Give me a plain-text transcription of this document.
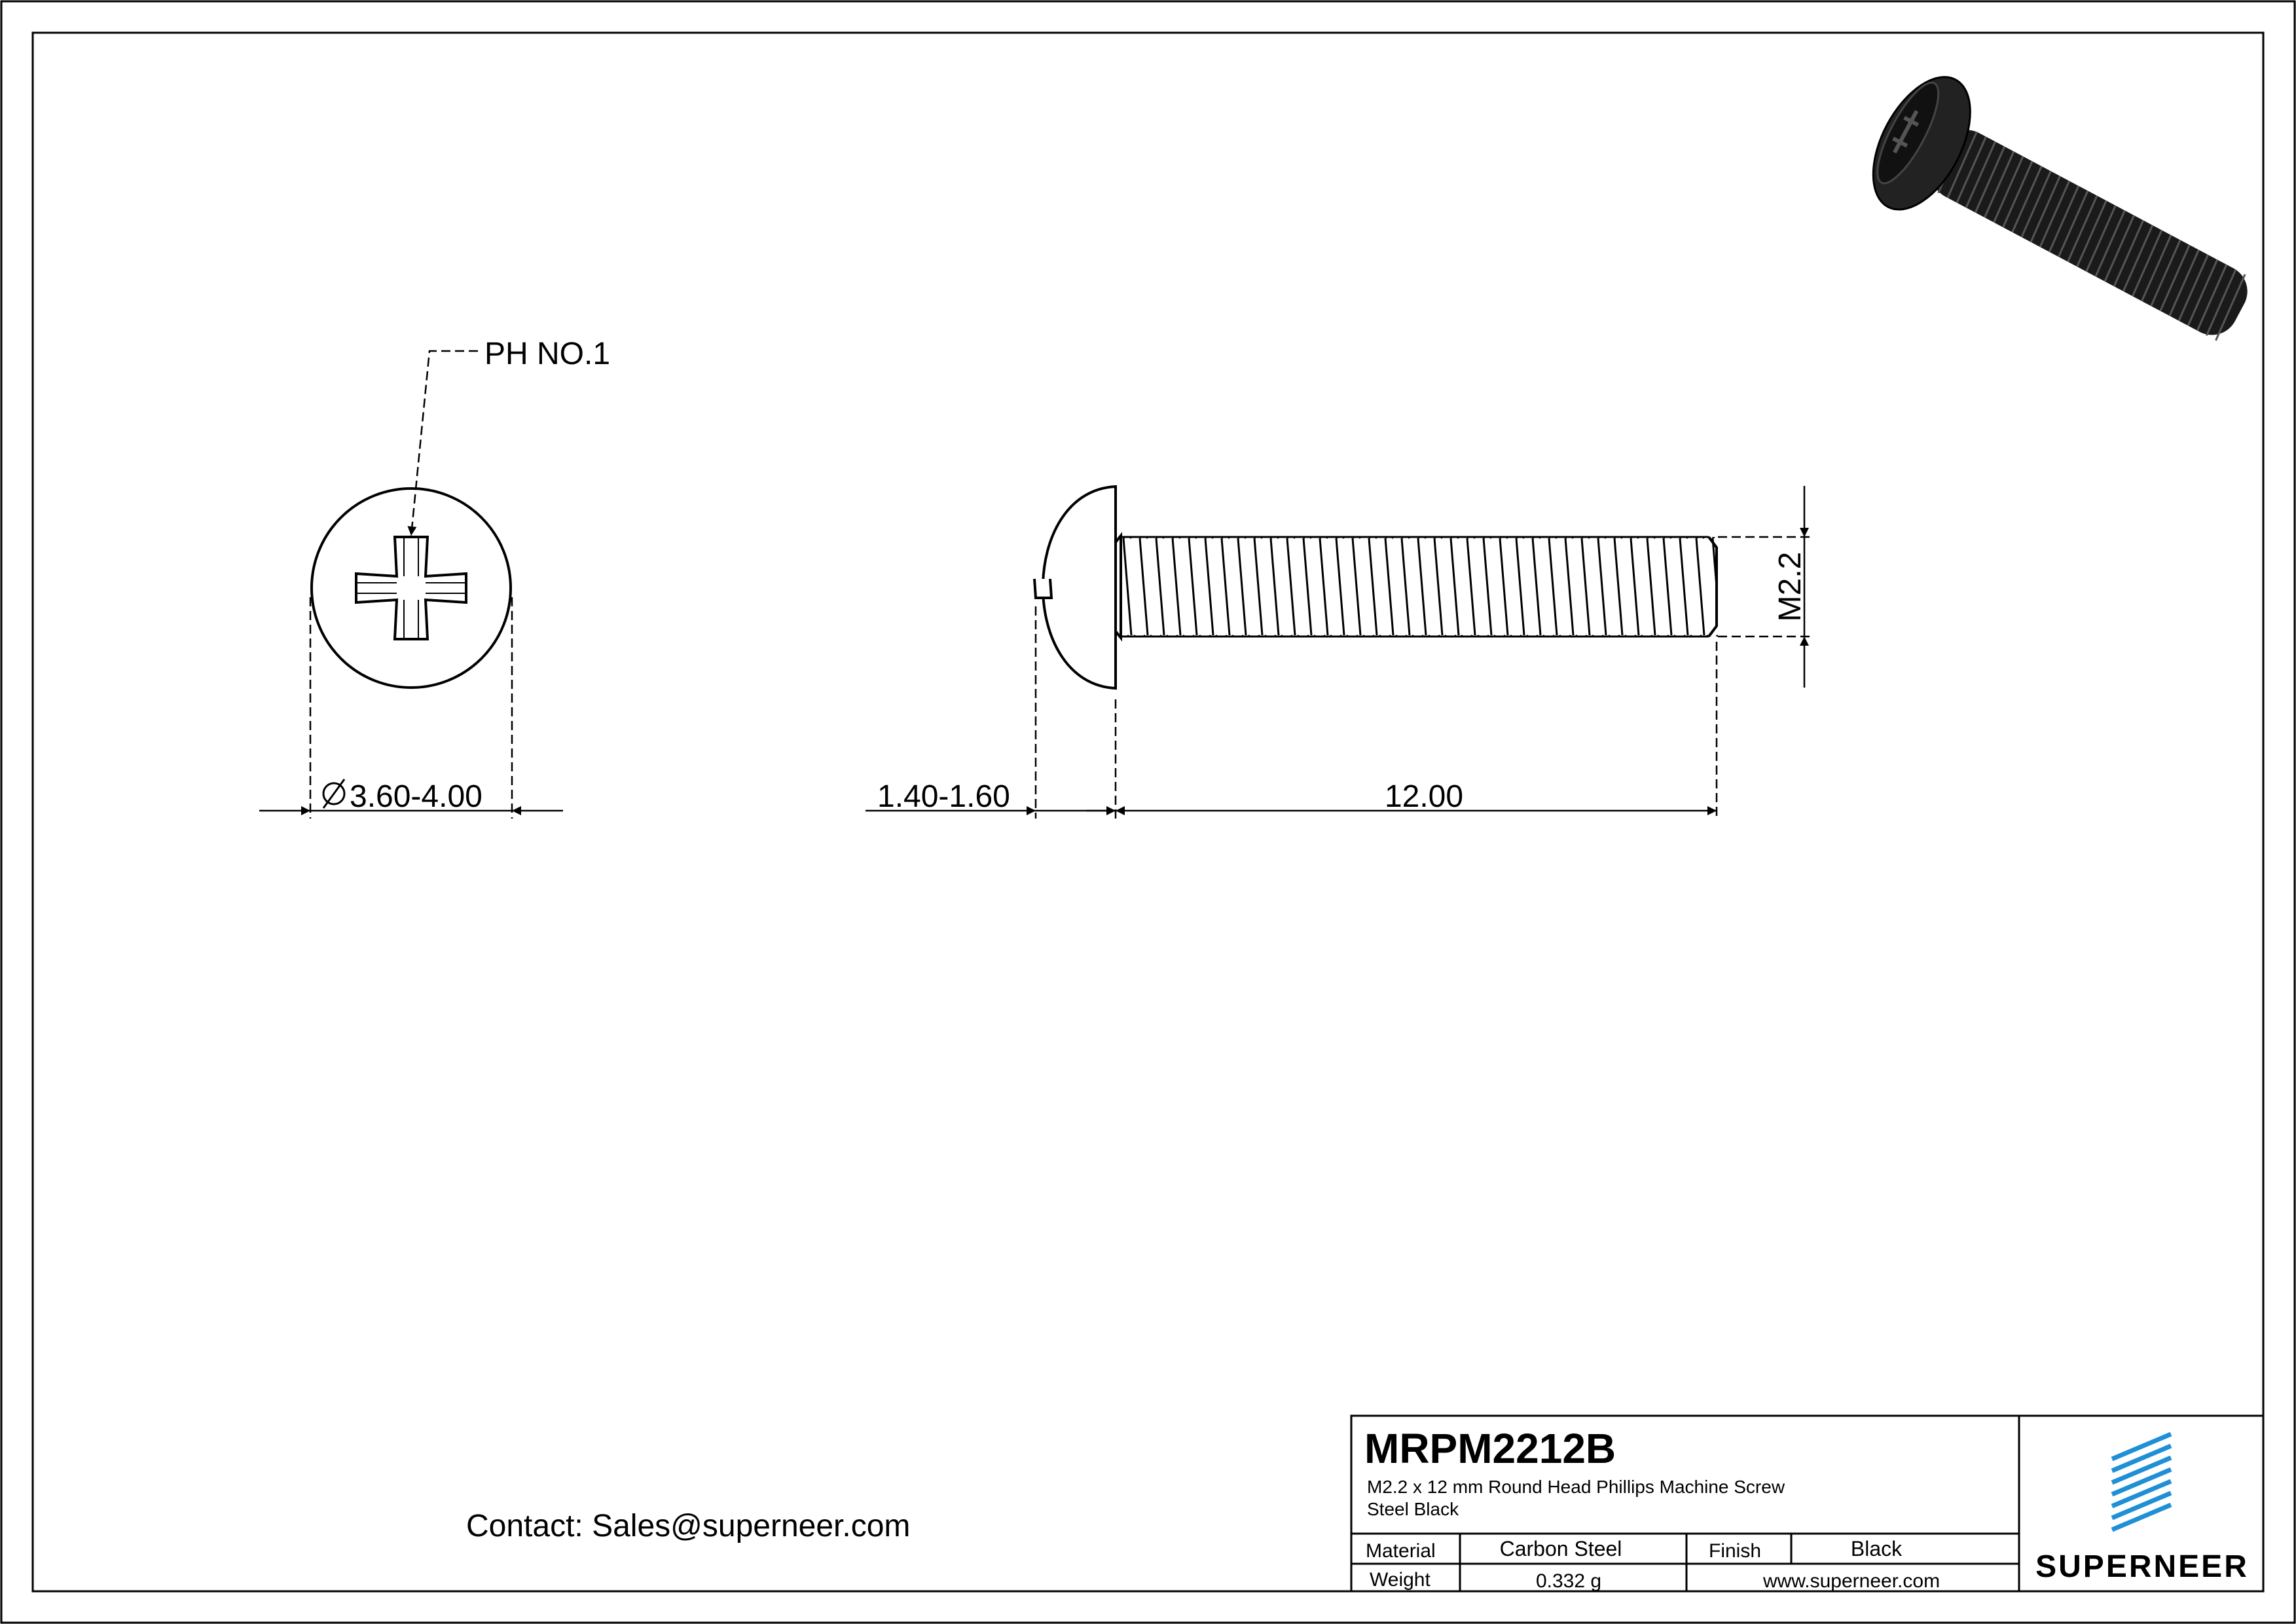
PH NO.1
3.60-4.00	1.40-1.60	12.00
M2.2
Contact: Sales@superneer.com
MRPM2212B
M2.2 x 12 mm Round Head Phillips Machine Screw
Steel Black
Material	Carbon Steel	Finish	Black
Weight	0.332 g	www.superneer.com	SUPERNEER
